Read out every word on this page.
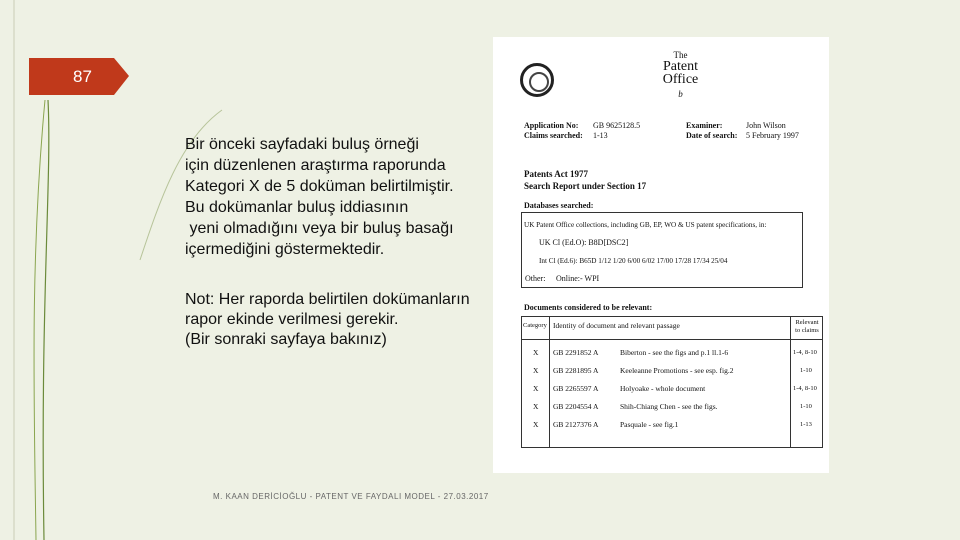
87

Bir önceki sayfadaki buluş örneği

için düzenlenen araştırma raporunda

Kategori X de 5 doküman belirtilmiştir.

Bu dokümanlar buluş iddiasının

yeni olmadığını veya bir buluş basağı

içermediğini göstermektedir.

Not: Her raporda belirtilen dokümanların

rapor ekinde verilmesi gerekir.

(Bir sonraki sayfaya bakınız)

M. KAAN DERİCİOĞLU - PATENT VE FAYDALI MODEL - 27.03.2017
The
Patent
Office
b
Application No: GB 9625128.5
Claims searched: 1-13
Examiner:	John Wilson
Date of search: 5 February 1997
Patents Act 1977
Search Report under Section 17
Databases searched:
UK Patent Office collections, including GB, EP, WO & US patent specifications, in:
UK Cl (Ed.O): B8D[DSC2]
Int Cl (Ed.6): B65D 1/12 1/20 6/00 6/02 17/00 17/28 17/34 25/04
Other: Online:- WPI
Documents considered to be relevant:
Category Identity of document and relevant passage	Relevant to claims
X GB 2291852 A	Biberton - see the figs and p.1 ll.1-6	1-4, 8-10
X GB 2281895 A	Keeleanne Promotions - see esp. fig.2	1-10
X GB 2265597 A	Holyoake - whole document	1-4, 8-10
X GB 2204554 A	Shih-Chiang Chen - see the figs.	1-10
X GB 2127376 A	Pasquale - see fig.1	1-13
